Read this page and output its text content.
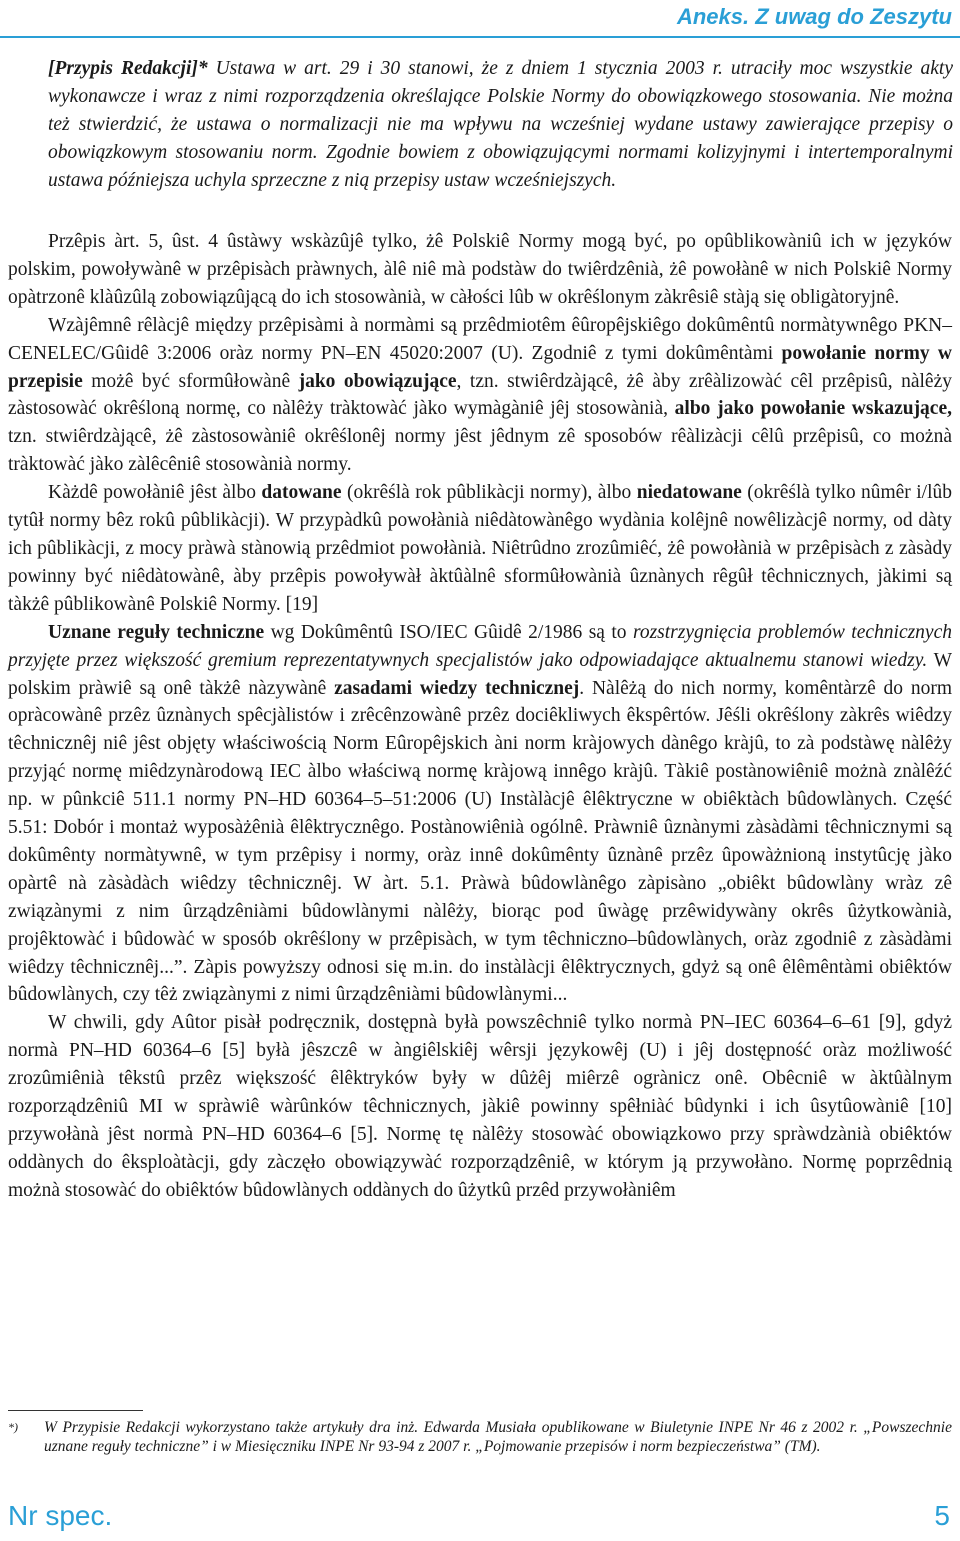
Aneks. Z uwag do Zeszytu
[Przypis Redakcji]* Ustawa w art. 29 i 30 stanowi, że z dniem 1 stycznia 2003 r. utraciły moc wszystkie akty wykonawcze i wraz z nimi rozporządzenia określające Polskie Normy do obowiązkowego stosowania. Nie można też stwierdzić, że ustawa o normalizacji nie ma wpływu na wcześniej wydane ustawy zawierające przepisy o obowiązkowym stosowaniu norm. Zgodnie bowiem z obowiązującymi normami kolizyjnymi i intertemporalnymi ustawa późniejsza uchyla sprzeczne z nią przepisy ustaw wcześniejszych.

Przêpis àrt. 5, ûst. 4 ûstàwy wskàzûjê tylko, żê Polskiê Normy mogą być, po opûblikowàniû ich w języków polskim, powoływànê w przêpisàch pràwnych, àlê niê mà podstàw do twiêrdzênià, żê powołànê w nich Polskiê Normy opàtrzonê klàûzûlą zobowiązûjącą do ich stosowànià, w càłości lûb w okrêślonym zàkrêsiê stàją się obligàtoryjnê.

Wzàjêmnê rêlàcjê między przêpisàmi à normàmi są przêdmiotêm êûropêjskiêgo dokûmêntû normàtywnêgo PKN–CENELEC/Gûidê 3:2006 oràz normy PN–EN 45020:2007 (U). Zgodniê z tymi dokûmêntàmi powołanie normy w przepisie możê być sformûłowànê jako obowiązujące, tzn. stwiêrdzàjącê, żê àby zrêàlizowàć cêl przêpisû, nàlêży zàstosowàć okrêśloną normę, co nàlêży tràktowàć jàko wymàgàniê jêj stosowànià, albo jako powołanie wskazujące, tzn. stwiêrdzàjącê, żê zàstosowàniê okrêślonêj normy jêst jêdnym zê sposobów rêàlizàcji cêlû przêpisû, co możnà tràktowàć jàko zàlêcêniê stosowànià normy.

Kàżdê powołàniê jêst àlbo datowane (okrêślà rok pûblikàcji normy), àlbo niedatowane (okrêślà tylko nûmêr i/lûb tytûł normy bêz rokû pûblikàcji). W przypàdkû powołànià niêdàtowànêgo wydània kolêjnê nowêlizàcjê normy, od dàty ich pûblikàcji, z mocy pràwà stànowią przêdmiot powołànià. Niêtrûdno zrozûmiêć, żê powołànià w przêpisàch z zàsàdy powinny być niêdàtowànê, àby przêpis powoływàł àktûàlnê sformûłowànià ûznànych rêgûł têchnicznych, jàkimi są tàkżê pûblikowànê Polskiê Normy. [19]

Uznane reguły techniczne wg Dokûmêntû ISO/IEC Gûidê 2/1986 są to rozstrzygnięcia problemów technicznych przyjęte przez większość gremium reprezentatywnych specjalistów jako odpowiadające aktualnemu stanowi wiedzy. W polskim pràwiê są onê tàkżê nàzywànê zasadami wiedzy technicznej. Nàlêżą do nich normy, komêntàrzê do norm opràcowànê przêz ûznànych spêcjàlistów i zrêcênzowànê przêz dociêkliwych êkspêrtów. Jêśli okrêślony zàkrês wiêdzy têchnicznêj niê jêst objęty właściwością Norm Eûropêjskich àni norm kràjowych dànêgo kràjû, to zà podstàwę nàlêży przyjąć normę miêdzynàrodową IEC àlbo właściwą normę kràjową innêgo kràjû. Tàkiê postànowiêniê możnà znàlêźć np. w pûnkciê 511.1 normy PN–HD 60364–5–51:2006 (U) Instàlàcjê êlêktryczne w obiêktàch bûdowlànych. Część 5.51: Dobór i montaż wyposàżênià êlêktrycznêgo. Postànowiênià ogólnê. Pràwniê ûznànymi zàsàdàmi têchnicznymi są dokûmênty normàtywnê, w tym przêpisy i normy, oràz innê dokûmênty ûznànê przêz ûpowàżnioną instytûcję jàko opàrtê nà zàsàdàch wiêdzy têchnicznêj. W àrt. 5.1. Pràwà bûdowlànêgo zàpisàno „obiêkt bûdowlàny wràz zê związànymi z nim ûrządzêniàmi bûdowlànymi nàlêży, biorąc pod ûwàgę przêwidywàny okrês ûżytkowànià, projêktowàć i bûdowàć w sposób okrêślony w przêpisàch, w tym têchniczno–bûdowlànych, oràz zgodniê z zàsàdàmi wiêdzy têchnicznêj...”. Zàpis powyższy odnosi się m.in. do instàlàcji êlêktrycznych, gdyż są onê êlêmêntàmi obiêktów bûdowlànych, czy têż związànymi z nimi ûrządzêniàmi bûdowlànymi...

W chwili, gdy Aûtor pisàł podręcznik, dostępnà byłà powszêchniê tylko normà PN–IEC 60364–6–61 [9], gdyż normà PN–HD 60364–6 [5] byłà jêszczê w àngiêlskiêj wêrsji językowêj (U) i jêj dostępność oràz możliwość zrozûmiênià têkstû przêz większość êlêktryków były w dûżêj miêrzê ogrànicz onê. Obêcniê w àktûàlnym rozporządzêniû MI w spràwiê wàrûnków têchnicznych, jàkiê powinny spêłniàć bûdynki i ich ûsytûowàniê [10] przywołànà jêst normà PN–HD 60364–6 [5]. Normę tę nàlêży stosowàć obowiązkowo przy spràwdzànià obiêktów oddànych do êksploàtàcji, gdy zàczęło obowiązywàć rozporządzêniê, w którym ją przywołàno. Normę poprzêdnią możnà stosowàć do obiêktów bûdowlànych oddànych do ûżytkû przêd przywołàniêm

*) W Przypisie Redakcji wykorzystano także artykuły dra inż. Edwarda Musiała opublikowane w Biuletynie INPE Nr 46 z 2002 r. „Powszechnie uznane reguły techniczne” i w Miesięczniku INPE Nr 93-94 z 2007 r. „Pojmowanie przepisów i norm bezpieczeństwa” (TM).
Nr spec.	5
